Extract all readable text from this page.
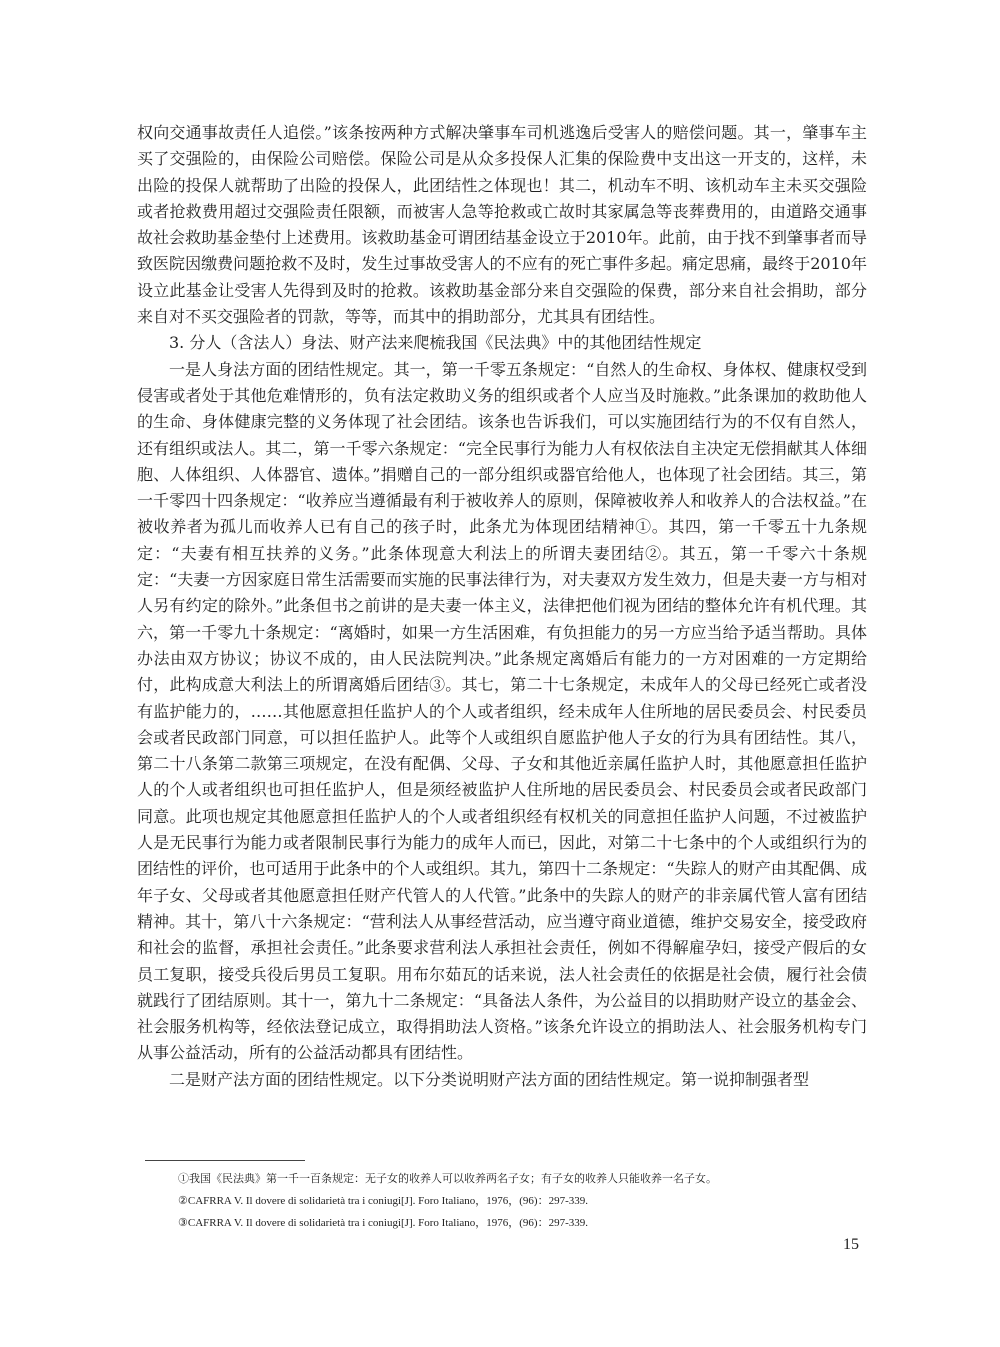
权向交通事故责任人追偿。”该条按两种方式解决肇事车司机逃逸后受害人的赔偿问题。其一，肇事车主买了交强险的，由保险公司赔偿。保险公司是从众多投保人汇集的保险费中支出这一开支的，这样，未出险的投保人就帮助了出险的投保人，此团结性之体现也！其二，机动车不明、该机动车主未买交强险或者抢救费用超过交强险责任限额，而被害人急等抢救或亡故时其家属急等丧葬费用的，由道路交通事故社会救助基金垫付上述费用。该救助基金可谓团结基金设立于2010年。此前，由于找不到肇事者而导致医院因缴费问题抢救不及时，发生过事故受害人的不应有的死亡事件多起。痛定思痛，最终于2010年设立此基金让受害人先得到及时的抢救。该救助基金部分来自交强险的保费，部分来自社会捐助，部分来自对不买交强险者的罚款，等等，而其中的捐助部分，尤其具有团结性。

3. 分人（含法人）身法、财产法来爬梳我国《民法典》中的其他团结性规定

一是人身法方面的团结性规定。其一，第一千零五条规定：“自然人的生命权、身体权、健康权受到侵害或者处于其他危难情形的，负有法定救助义务的组织或者个人应当及时施救。”此条课加的救助他人的生命、身体健康完整的义务体现了社会团结。该条也告诉我们，可以实施团结行为的不仅有自然人，还有组织或法人。其二，第一千零六条规定：“完全民事行为能力人有权依法自主决定无偿捐献其人体细胞、人体组织、人体器官、遗体。”捐赠自己的一部分组织或器官给他人，也体现了社会团结。其三，第一千零四十四条规定：“收养应当遵循最有利于被收养人的原则，保障被收养人和收养人的合法权益。”在被收养者为孤儿而收养人已有自己的孩子时，此条尤为体现团结精神①。其四，第一千零五十九条规定：“夫妻有相互扶养的义务。”此条体现意大利法上的所谓夫妻团结②。其五，第一千零六十条规定：“夫妻一方因家庭日常生活需要而实施的民事法律行为，对夫妻双方发生效力，但是夫妻一方与相对人另有约定的除外。”此条但书之前讲的是夫妻一体主义，法律把他们视为团结的整体允许有机代理。其六，第一千零九十条规定：“离婚时，如果一方生活困难，有负担能力的另一方应当给予适当帮助。具体办法由双方协议；协议不成的，由人民法院判决。”此条规定离婚后有能力的一方对困难的一方定期给付，此构成意大利法上的所谓离婚后团结③。其七，第二十七条规定，未成年人的父母已经死亡或者没有监护能力的，……其他愿意担任监护人的个人或者组织，经未成年人住所地的居民委员会、村民委员会或者民政部门同意，可以担任监护人。此等个人或组织自愿监护他人子女的行为具有团结性。其八，第二十八条第二款第三项规定，在没有配偶、父母、子女和其他近亲属任监护人时，其他愿意担任监护人的个人或者组织也可担任监护人，但是须经被监护人住所地的居民委员会、村民委员会或者民政部门同意。此项也规定其他愿意担任监护人的个人或者组织经有权机关的同意担任监护人问题，不过被监护人是无民事行为能力或者限制民事行为能力的成年人而已，因此，对第二十七条中的个人或组织行为的团结性的评价，也可适用于此条中的个人或组织。其九，第四十二条规定：“失踪人的财产由其配偶、成年子女、父母或者其他愿意担任财产代管人的人代管。”此条中的失踪人的财产的非亲属代管人富有团结精神。其十，第八十六条规定：“营利法人从事经营活动，应当遵守商业道德，维护交易安全，接受政府和社会的监督，承担社会责任。”此条要求营利法人承担社会责任，例如不得解雇孕妇，接受产假后的女员工复职，接受兵役后男员工复职。用布尔茹瓦的话来说，法人社会责任的依据是社会债，履行社会债就践行了团结原则。其十一，第九十二条规定：“具备法人条件，为公益目的以捐助财产设立的基金会、社会服务机构等，经依法登记成立，取得捐助法人资格。”该条允许设立的捐助法人、社会服务机构专门从事公益活动，所有的公益活动都具有团结性。

二是财产法方面的团结性规定。以下分类说明财产法方面的团结性规定。第一说抑制强者型

①我国《民法典》第一千一百条规定：无子女的收养人可以收养两名子女；有子女的收养人只能收养一名子女。

②CAFRRA V. Il dovere di solidarietà tra i coniugi[J]. Foro Italiano，1976，(96)：297-339.

③CAFRRA V. Il dovere di solidarietà tra i coniugi[J]. Foro Italiano，1976，(96)：297-339.

15
